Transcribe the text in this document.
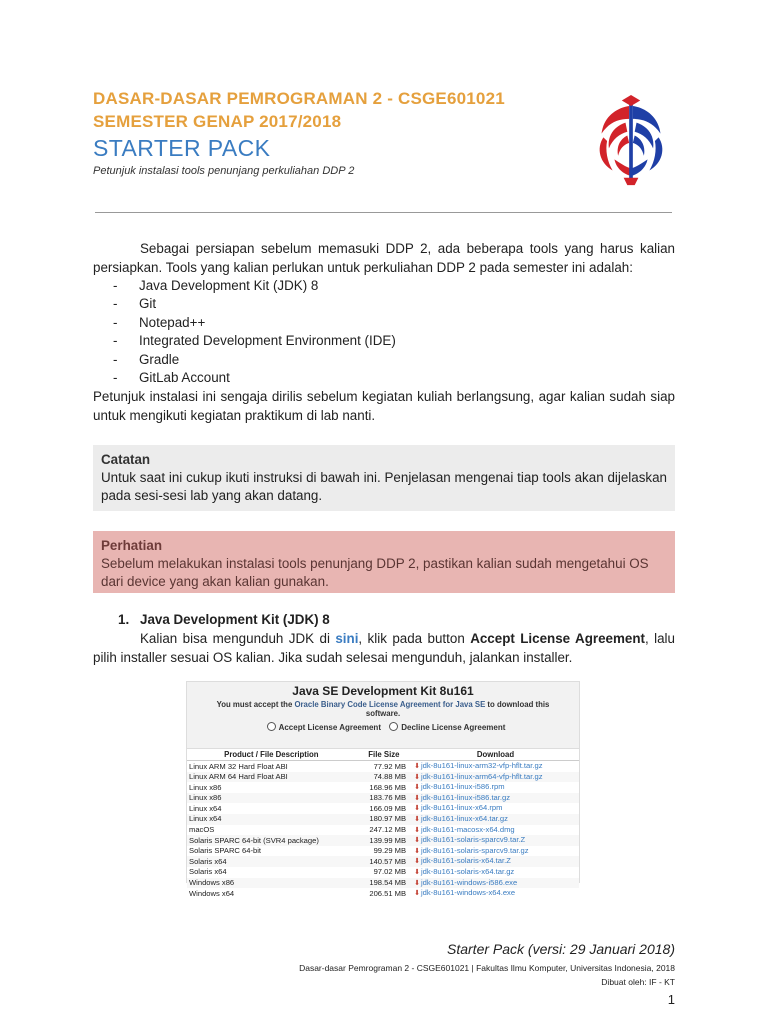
DASAR-DASAR PEMROGRAMAN 2 - CSGE601021
SEMESTER GENAP 2017/2018
STARTER PACK
Petunjuk instalasi tools penunjang perkuliahan DDP 2

Sebagai persiapan sebelum memasuki DDP 2, ada beberapa tools yang harus kalian persiapkan. Tools yang kalian perlukan untuk perkuliahan DDP 2 pada semester ini adalah:

- Java Development Kit (JDK) 8
- Git
- Notepad++
- Integrated Development Environment (IDE)
- Gradle
- GitLab Account

Petunjuk instalasi ini sengaja dirilis sebelum kegiatan kuliah berlangsung, agar kalian sudah siap untuk mengikuti kegiatan praktikum di lab nanti.

Catatan
Untuk saat ini cukup ikuti instruksi di bawah ini. Penjelasan mengenai tiap tools akan dijelaskan pada sesi-sesi lab yang akan datang.
Perhatian
Sebelum melakukan instalasi tools penunjang DDP 2, pastikan kalian sudah mengetahui OS dari device yang akan kalian gunakan.
1. Java Development Kit (JDK) 8

Kalian bisa mengunduh JDK di sini, klik pada button Accept License Agreement, lalu pilih installer sesuai OS kalian. Jika sudah selesai mengunduh, jalankan installer.

Java SE Development Kit 8u161
You must accept the Oracle Binary Code License Agreement for Java SE to download this software.
Accept License Agreement	Decline License Agreement
Product / File Description	File Size	Download
Linux ARM 32 Hard Float ABI	77.92 MB	⬇jdk-8u161-linux-arm32-vfp-hflt.tar.gz
Linux ARM 64 Hard Float ABI	74.88 MB	⬇jdk-8u161-linux-arm64-vfp-hflt.tar.gz
Linux x86	168.96 MB	⬇jdk-8u161-linux-i586.rpm
Linux x86	183.76 MB	⬇jdk-8u161-linux-i586.tar.gz
Linux x64	166.09 MB	⬇jdk-8u161-linux-x64.rpm
Linux x64	180.97 MB	⬇jdk-8u161-linux-x64.tar.gz
macOS	247.12 MB	⬇jdk-8u161-macosx-x64.dmg
Solaris SPARC 64-bit (SVR4 package)	139.99 MB	⬇jdk-8u161-solaris-sparcv9.tar.Z
Solaris SPARC 64-bit	99.29 MB	⬇jdk-8u161-solaris-sparcv9.tar.gz
Solaris x64	140.57 MB	⬇jdk-8u161-solaris-x64.tar.Z
Solaris x64	97.02 MB	⬇jdk-8u161-solaris-x64.tar.gz
Windows x86	198.54 MB	⬇jdk-8u161-windows-i586.exe
Windows x64	206.51 MB	⬇jdk-8u161-windows-x64.exe

Starter Pack (versi: 29 Januari 2018)

Dasar-dasar Pemrograman 2 - CSGE601021 | Fakultas Ilmu Komputer, Universitas Indonesia, 2018

Dibuat oleh: IF - KT

1
